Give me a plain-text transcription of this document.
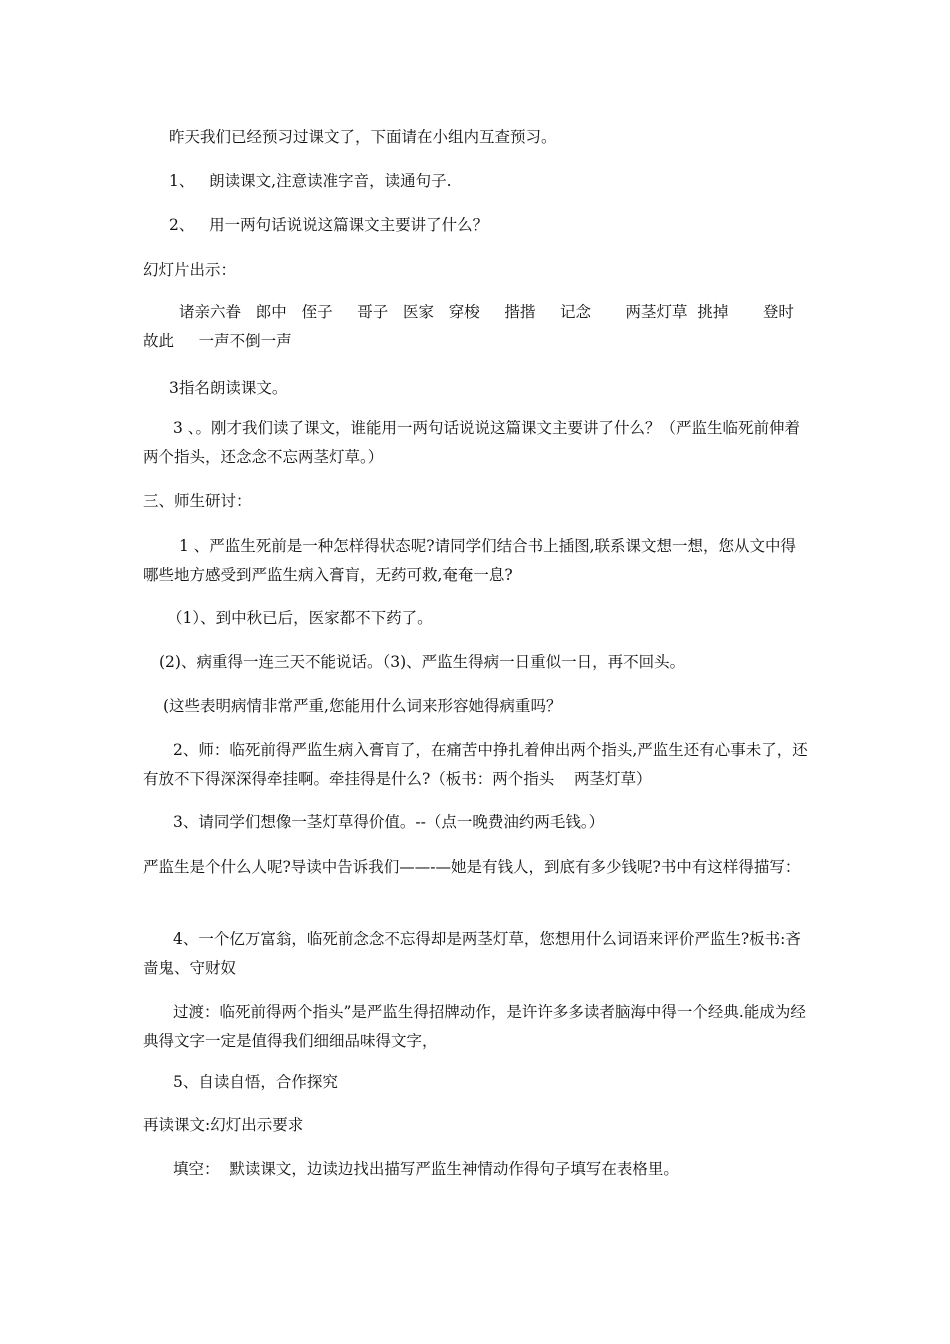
昨天我们已经预习过课文了，下面请在小组内互查预习。

1、   朗读课文,注意读准字音，读通句子.

2、   用一两句话说说这篇课文主要讲了什么？

幻灯片出示：

诸亲六眷   郎中   侄子     哥子   医家   穿梭     揩揩     记念       两茎灯草  挑掉       登时    故此     一声不倒一声

3指名朗读课文。

3 、。刚才我们读了课文，谁能用一两句话说说这篇课文主要讲了什么？（严监生临死前伸着两个指头，还念念不忘两茎灯草。）

三、师生研讨：

1 、严监生死前是一种怎样得状态呢?请同学们结合书上插图,联系课文想一想，您从文中得哪些地方感受到严监生病入膏肓，无药可救,奄奄一息?

（1）、到中秋已后，医家都不下药了。

(2)、病重得一连三天不能说话。（3)、严监生得病一日重似一日，再不回头。

(这些表明病情非常严重,您能用什么词来形容她得病重吗？

2、师：临死前得严监生病入膏肓了，在痛苦中挣扎着伸出两个指头,严监生还有心事未了，还有放不下得深深得牵挂啊。牵挂得是什么?（板书：两个指头    两茎灯草）

3、请同学们想像一茎灯草得价值。--（点一晚费油约两毛钱。）

严监生是个什么人呢?导读中告诉我们——-—她是有钱人，到底有多少钱呢?书中有这样得描写：

4、一个亿万富翁，临死前念念不忘得却是两茎灯草，您想用什么词语来评价严监生?板书:吝啬鬼、守财奴

过渡：临死前得两个指头”是严监生得招牌动作，是许许多多读者脑海中得一个经典.能成为经典得文字一定是值得我们细细品味得文字，

5、自读自悟，合作探究

再读课文:幻灯出示要求

填空：  默读课文，边读边找出描写严监生神情动作得句子填写在表格里。
